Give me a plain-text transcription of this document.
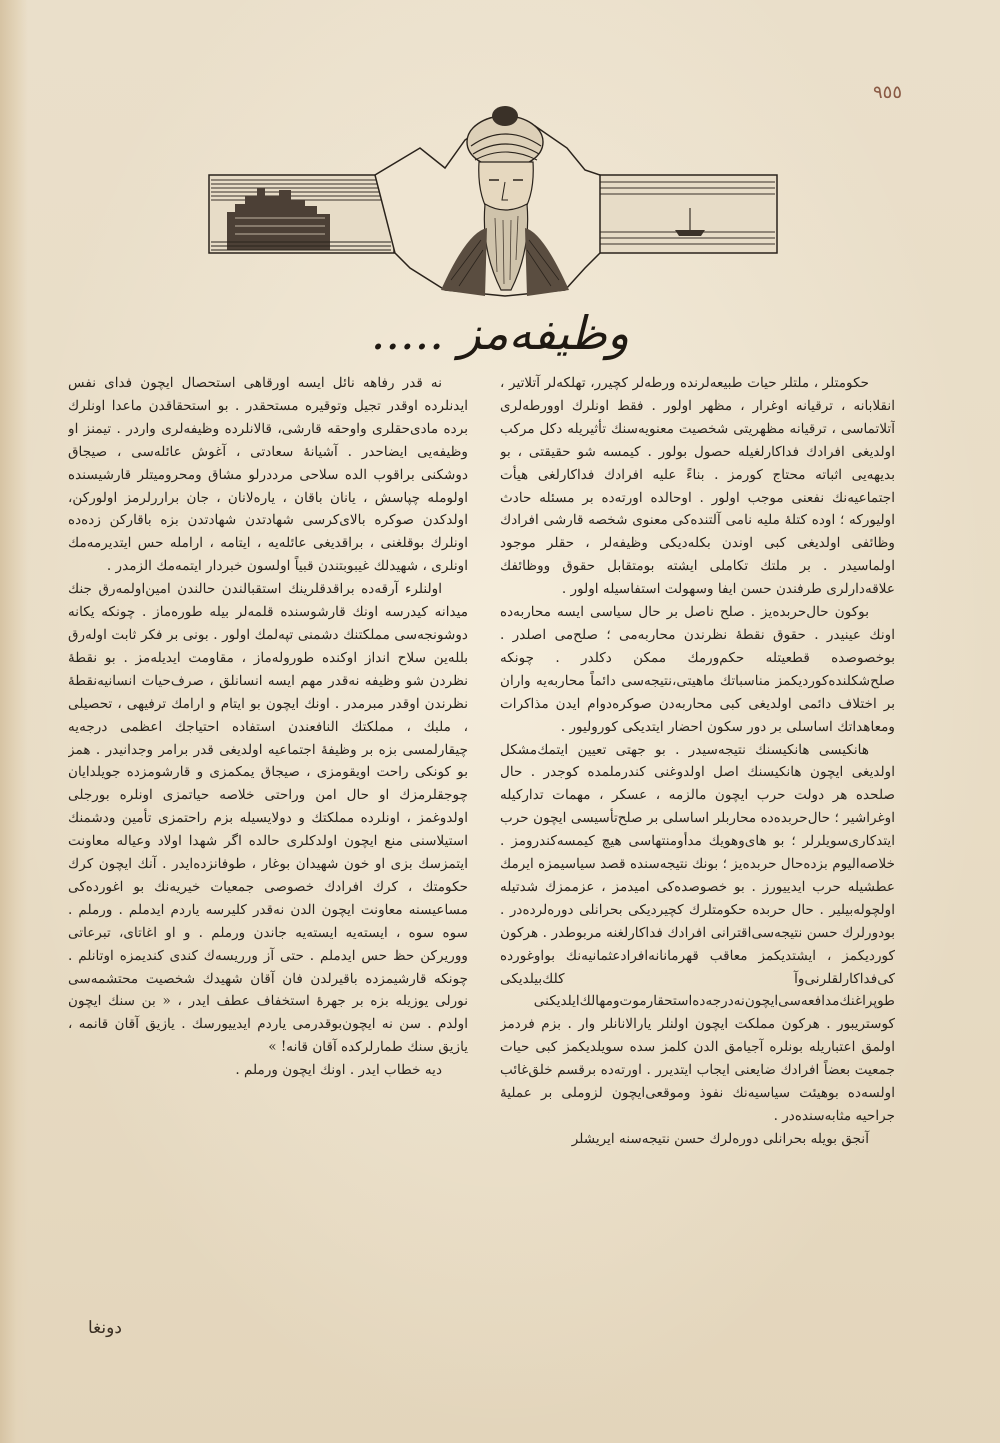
٩٥٥
وظیفه‌مز .....

حکومتلر ، ملتلر حیات طبیعه‌لرنده ورطه‌لر کچیرر، تهلکه‌لر آتلاتیر ، انقلابانه ، ترقیانه اوغرار ، مظهر اولور . فقط اونلرك اوورطه‌لری آتلاتماسی ، ترقیانه مظهریتی شخصیت معنویه‌سنك تأثیریله دکل مرکب اولدیغی افرادك فداکارلغیله حصول بولور . کیمسه شو حقیقتی ، بو بدیهه‌یی اثباته محتاج کورمز . بناءً علیه افرادك فداکارلغی هیأت اجتماعیه‌نك نفعنی موجب اولور . اوحالده اورته‌ده بر مسئله حادث اولیورکه ؛ اوده کتلهٔ ملیه نامی آلتنده‌کی معنوی شخصه قارشی افرادك وظائفی اولدیغی کبی اوندن بکله‌دیکی وظیفه‌لر ، حقلر موجود اولماسیدر . بر ملتك تکاملی ایشته بومتقابل حقوق ووظائفك علاقه‌دارلری طرفندن حسن ایفا وسهولت استفاسیله اولور .

بوکون حال‌حربده‌یز . صلح ناصل بر حال سیاسی ایسه محاربه‌ده اونك عینیدر . حقوق نقطهٔ نظرندن محاربه‌می ؛ صلح‌می اصلدر . بوخصوصده قطعیتله حکم‌ورمك ممکن دکلدر . چونکه صلح‌شکلنده‌کوردیکمز مناسباتك ماهیتی،نتیجه‌سی دائماً محاربه‌یه واران بر اختلاف دائمی اولدیغی کبی محاربه‌دن صوکره‌دوام ایدن مذاکرات ومعاهداتك اساسلی بر دور سکون احضار ایتدیکی کوروليور .

هانکیسی هانکیسنك نتیجه‌سیدر . بو جهتی تعیین ایتمك‌مشکل اولدیغی ایچون هانکیسنك اصل اولدوغنی کندرملمده کوجدر . حال صلحده هر دولت حرب ایچون مالزمه ، عسکر ، مهمات تدارکیله اوغراشیر ؛ حال‌حربده‌ده محاربلر اساسلی بر صلح‌تأسیسی ایچون حرب ایتدکاری‌سویلرلر ؛ بو های‌وهویك مدأومنتهاسی هیچ کیمسه‌کندرومز . خلاصه‌الیوم بزده‌حال حربده‌یز ؛ بونك نتیجه‌سنده قصد سیاسیمزه ایرمك عطشیله حرب ایدییورز . بو خصوصده‌کی امیدمز ، عزممزك شدتیله اولچوله‌بیلیر . حال حربده حکومتلرك کچیردیکی بحرانلی دوره‌لرده‌در . بودورلرك حسن نتیجه‌سی‌اقترانی افرادك فداکارلغنه مربوطدر . هرکون کوردیکمز ، ایشتدیکمز معاقب قهرمانانه‌افرادعثمانیه‌نك بواوغورده کی‌فداکارلقلرنی‌وآ کلك‌بیلدیکی طوپراغنك‌مدافعه‌سی‌ایچون‌نه‌درجه‌ده‌استحقارموت‌ومهالك‌ایلدیکنی کوستریبور . هرکون مملکت ایچون اولنلر یارالانانلر وار . بزم فردمز اولمق اعتباریله بونلره آجیامق الدن کلمز سده سویلدیکمز کبی حیات جمعیت بعضاً افرادك ضایعنی ایجاب ایتدیرر . اورته‌ده برقسم خلق‌غائب اولسه‌ده بوهیئت سیاسیه‌نك نفوذ وموقعی‌ایچون لزوملی بر عملیهٔ جراحیه مثابه‌سنده‌در .

آنجق بویله بحرانلی دوره‌لرك حسن نتیجه‌سنه ایریشلر

نه قدر رفاهه نائل ایسه اورقاهی استحصال ایچون فدای نفس ایدنلرده اوقدر تجیل وتوقیره مستحقدر . بو استحقاقدن ماعدا اونلرك برده مادی‌حقلری واوحقه قارشی، قالانلرده وظیفه‌لری واردر . تیمنز او وظیفه‌یی ایضاحدر . آشیانهٔ سعادتی ، آغوش عائله‌سی ، صیجاق دوشکنی براقوب الده سلاحی مرددرلو مشاق ومحرومیتلر قارشیسنده اولومله چپاسش ، یانان باقان ، یاره‌لانان ، جان براررلرمز اولوركن، اولدکدن صوکره بالای‌کرسی شهادتدن شهادتدن بزه باقارکن زده‌ده اونلرك بوقلغنی ، براقدیغی عائله‌یه ، ایتامه ، ارامله حس ایتدیرمه‌مك اونلری ، شهیدلك غیبوبتندن قبیاً اولسون خبردار ایتمه‌مك الزمدر .

اولنلرء آرقه‌ده براقدقلرینك استقبالندن حالندن امین‌اولمه‌رق جنك میدانه کیدرسه اونك قارشوسنده قلمه‌لر بیله طوره‌ماز . چونکه یکانه دوشونجه‌سی مملکتنك دشمنی تپه‌لمك اولور . بونی بر فکر ثابت اوله‌رق بلله‌ین سلاح انداز اوکنده طوروله‌ماز ، مقاومت ایدیله‌مز . بو نقطهٔ نظردن شو وظیفه نه‌قدر مهم ایسه انسانلق ، صرف‌حیات انسانیه‌نقطهٔ نظرندن اوقدر مبرمدر . اونك ایچون بو ایتام و ارامك ترفیهی ، تحصیلی ، ملبك ، مملکتك النافعندن استفاده احتیاجك اعظمی درجه‌یه چیقارلمسی بزه بر وظیفهٔ اجتماعیه اولدیغی قدر برامر وجدانیدر . همز بو کونکی راحت اویقومزی ، صیجاق یمکمزی و قارشومزده جویلدایان چوجقلرمزك او حال امن وراحتی خلاصه حیاتمزی اونلره بورجلی اولدوغمز ، اونلرده مملکتك و دولایسیله بزم راحتمزی تأمین ودشمنك استیلاسنی منع ایچون اولدکلری حالده اگر شهدا اولاد وعیاله معاونت ایتمزسك بزی او خون شهیدان بوغار ، طوفانزده‌ایدر . آنك ایچون کرك حکومتك ، کرك افرادك خصوصی جمعیات خیریه‌نك بو اغورده‌کی مساعیسنه معاونت ایچون الدن نه‌قدر کلیرسه یاردم ایدملم . ورملم . سوه سوه ، ایسته‌یه ایسته‌یه جاندن ورملم . و او اغاتای، تبرعاتی ووریرکن حظ حس ایدملم . حتی آز ورریسه‌ك کندی کندیمزه اوتانلم . چونکه قارشیمزده باقیرلدن فان آقان شهیدك شخصیت محتشمه‌سی نورلی یوزیله بزه بر جهرهٔ استخفاف عطف ایدر ، « بن سنك ایچون اولدم . سن نه ایچون‌بوقدرمی یاردم ایدییورسك . یازیق آقان قانمه ، یازیق سنك طمارلرکده آقان قانه! »

دیه خطاب ایدر . اونك ایچون ورملم .

دونغا
